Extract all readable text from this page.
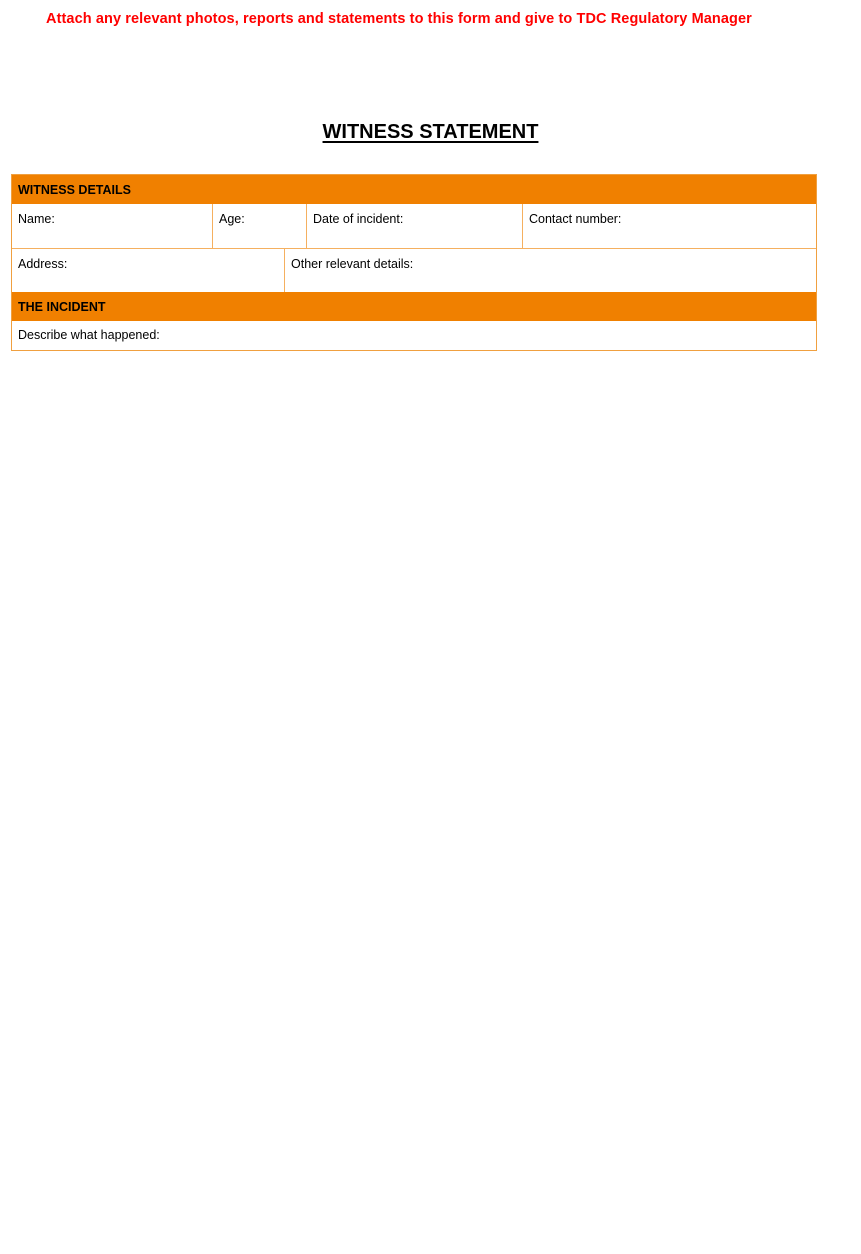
Attach any relevant photos, reports and statements to this form and give to TDC Regulatory Manager
WITNESS STATEMENT
WITNESS DETAILS
Name:	Age:	Date of incident:	Contact number:
Address:	Other relevant details:
THE INCIDENT
Describe what happened:
